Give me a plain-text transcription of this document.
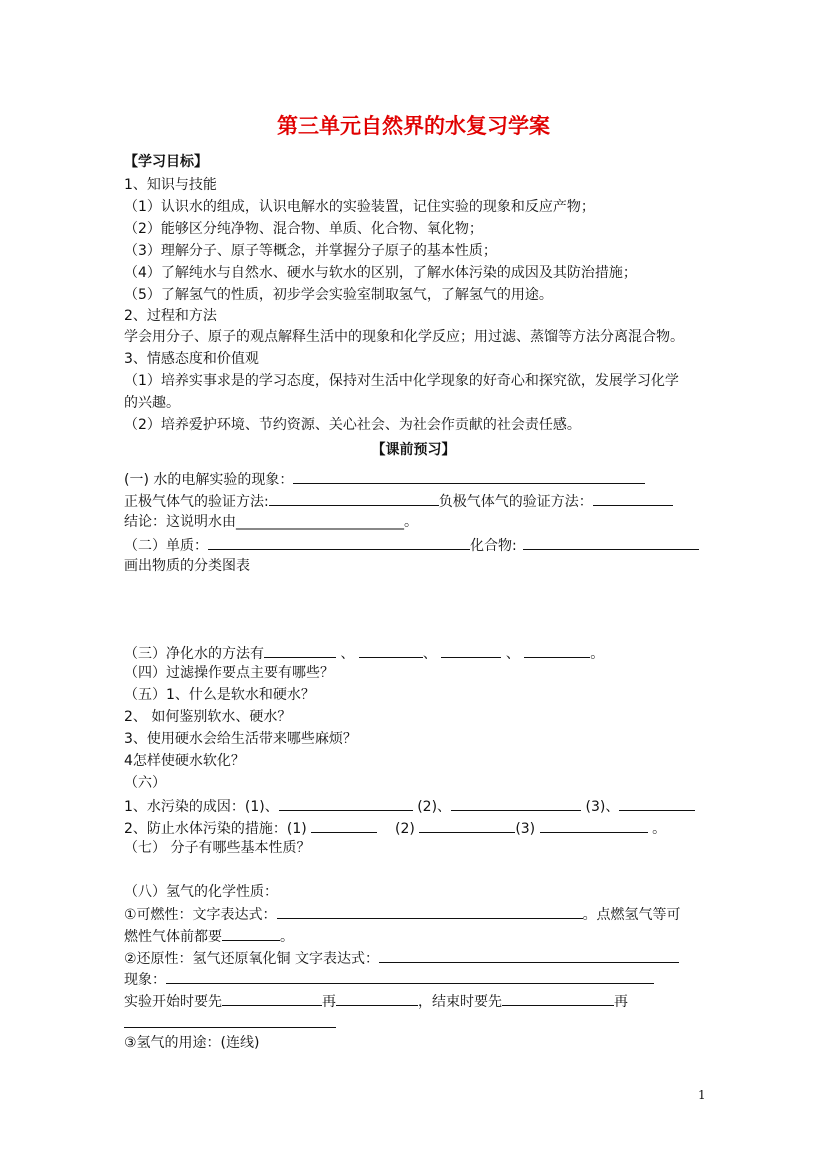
第三单元自然界的水复习学案
【学习目标】
1、知识与技能
（1）认识水的组成，认识电解水的实验装置，记住实验的现象和反应产物；
（2）能够区分纯净物、混合物、单质、化合物、氧化物；
（3）理解分子、原子等概念，并掌握分子原子的基本性质；
（4）了解纯水与自然水、硬水与软水的区别，了解水体污染的成因及其防治措施；
（5）了解氢气的性质，初步学会实验室制取氢气，了解氢气的用途。
2、过程和方法
学会用分子、原子的观点解释生活中的现象和化学反应；用过滤、蒸馏等方法分离混合物。
3、情感态度和价值观
（1）培养实事求是的学习态度，保持对生活中化学现象的好奇心和探究欲，发展学习化学
的兴趣。
（2）培养爱护环境、节约资源、关心社会、为社会作贡献的社会责任感。
【课前预习】
(一) 水的电解实验的现象：
正极气体气的验证方法:	负极气体气的验证方法：
结论：这说明水由________________________。
（二）单质：	化合物:
画出物质的分类图表
（三）净化水的方法有	、	、	、	。
（四）过滤操作要点主要有哪些？
（五）1、什么是软水和硬水？
2、 如何鉴别软水、硬水？
3、使用硬水会给生活带来哪些麻烦？
4怎样使硬水软化？
（六）
1、水污染的成因：(1)、	(2)、	(3)、
2、防止水体污染的措施：(1)	(2)	(3)	。
（七） 分子有哪些基本性质？
（八）氢气的化学性质：
①可燃性：文字表达式：	。点燃氢气等可
燃性气体前都要	。
②还原性：氢气还原氧化铜 文字表达式：
现象：
实验开始时要先	再	，结束时要先	再
③氢气的用途：(连线)
1
